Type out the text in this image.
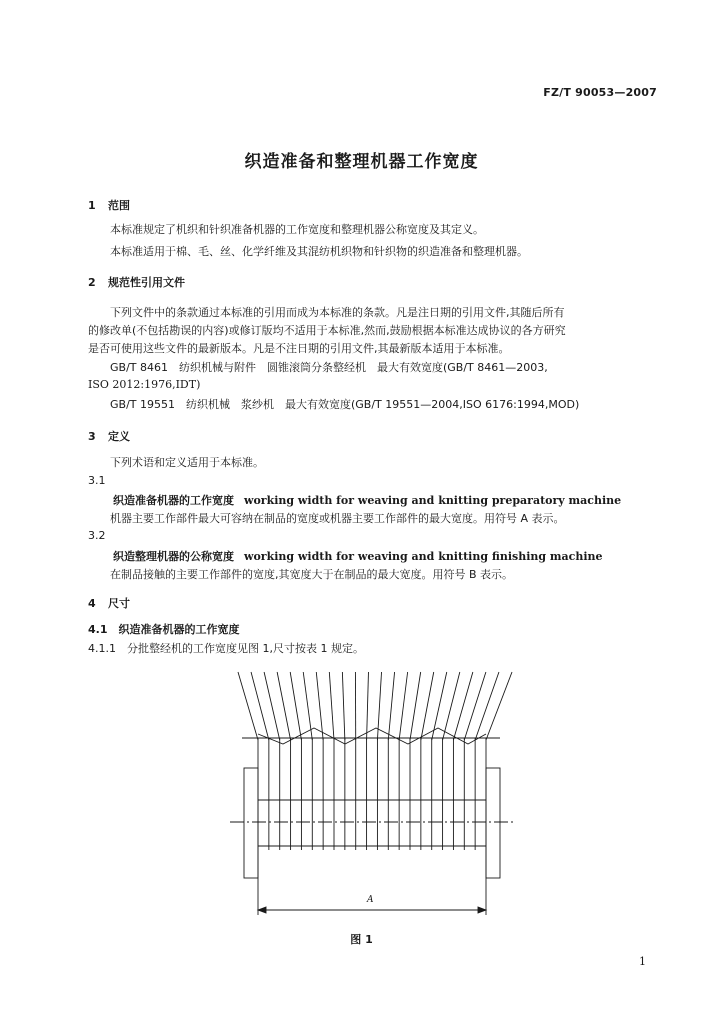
FZ/T 90053—2007
织造准备和整理机器工作宽度
1 范围
本标准规定了机织和针织准备机器的工作宽度和整理机器公称宽度及其定义。
本标准适用于棉、毛、丝、化学纤维及其混纺机织物和针织物的织造准备和整理机器。
2 规范性引用文件
下列文件中的条款通过本标准的引用而成为本标准的条款。凡是注日期的引用文件,其随后所有
的修改单(不包括勘误的内容)或修订版均不适用于本标准,然而,鼓励根据本标准达成协议的各方研究
是否可使用这些文件的最新版本。凡是不注日期的引用文件,其最新版本适用于本标准。
GB/T 8461　纺织机械与附件　圆锥滚筒分条整经机　最大有效宽度(GB/T 8461—2003,
ISO 2012:1976,IDT)
GB/T 19551　纺织机械　浆纱机　最大有效宽度(GB/T 19551—2004,ISO 6176:1994,MOD)
3 定义
下列术语和定义适用于本标准。
3.1
织造准备机器的工作宽度 working width for weaving and knitting preparatory machine
机器主要工作部件最大可容纳在制品的宽度或机器主要工作部件的最大宽度。用符号 A 表示。
3.2
织造整理机器的公称宽度 working width for weaving and knitting finishing machine
在制品接触的主要工作部件的宽度,其宽度大于在制品的最大宽度。用符号 B 表示。
4 尺寸
4.1　织造准备机器的工作宽度
4.1.1　分批整经机的工作宽度见图 1,尺寸按表 1 规定。
A
图 1
1
